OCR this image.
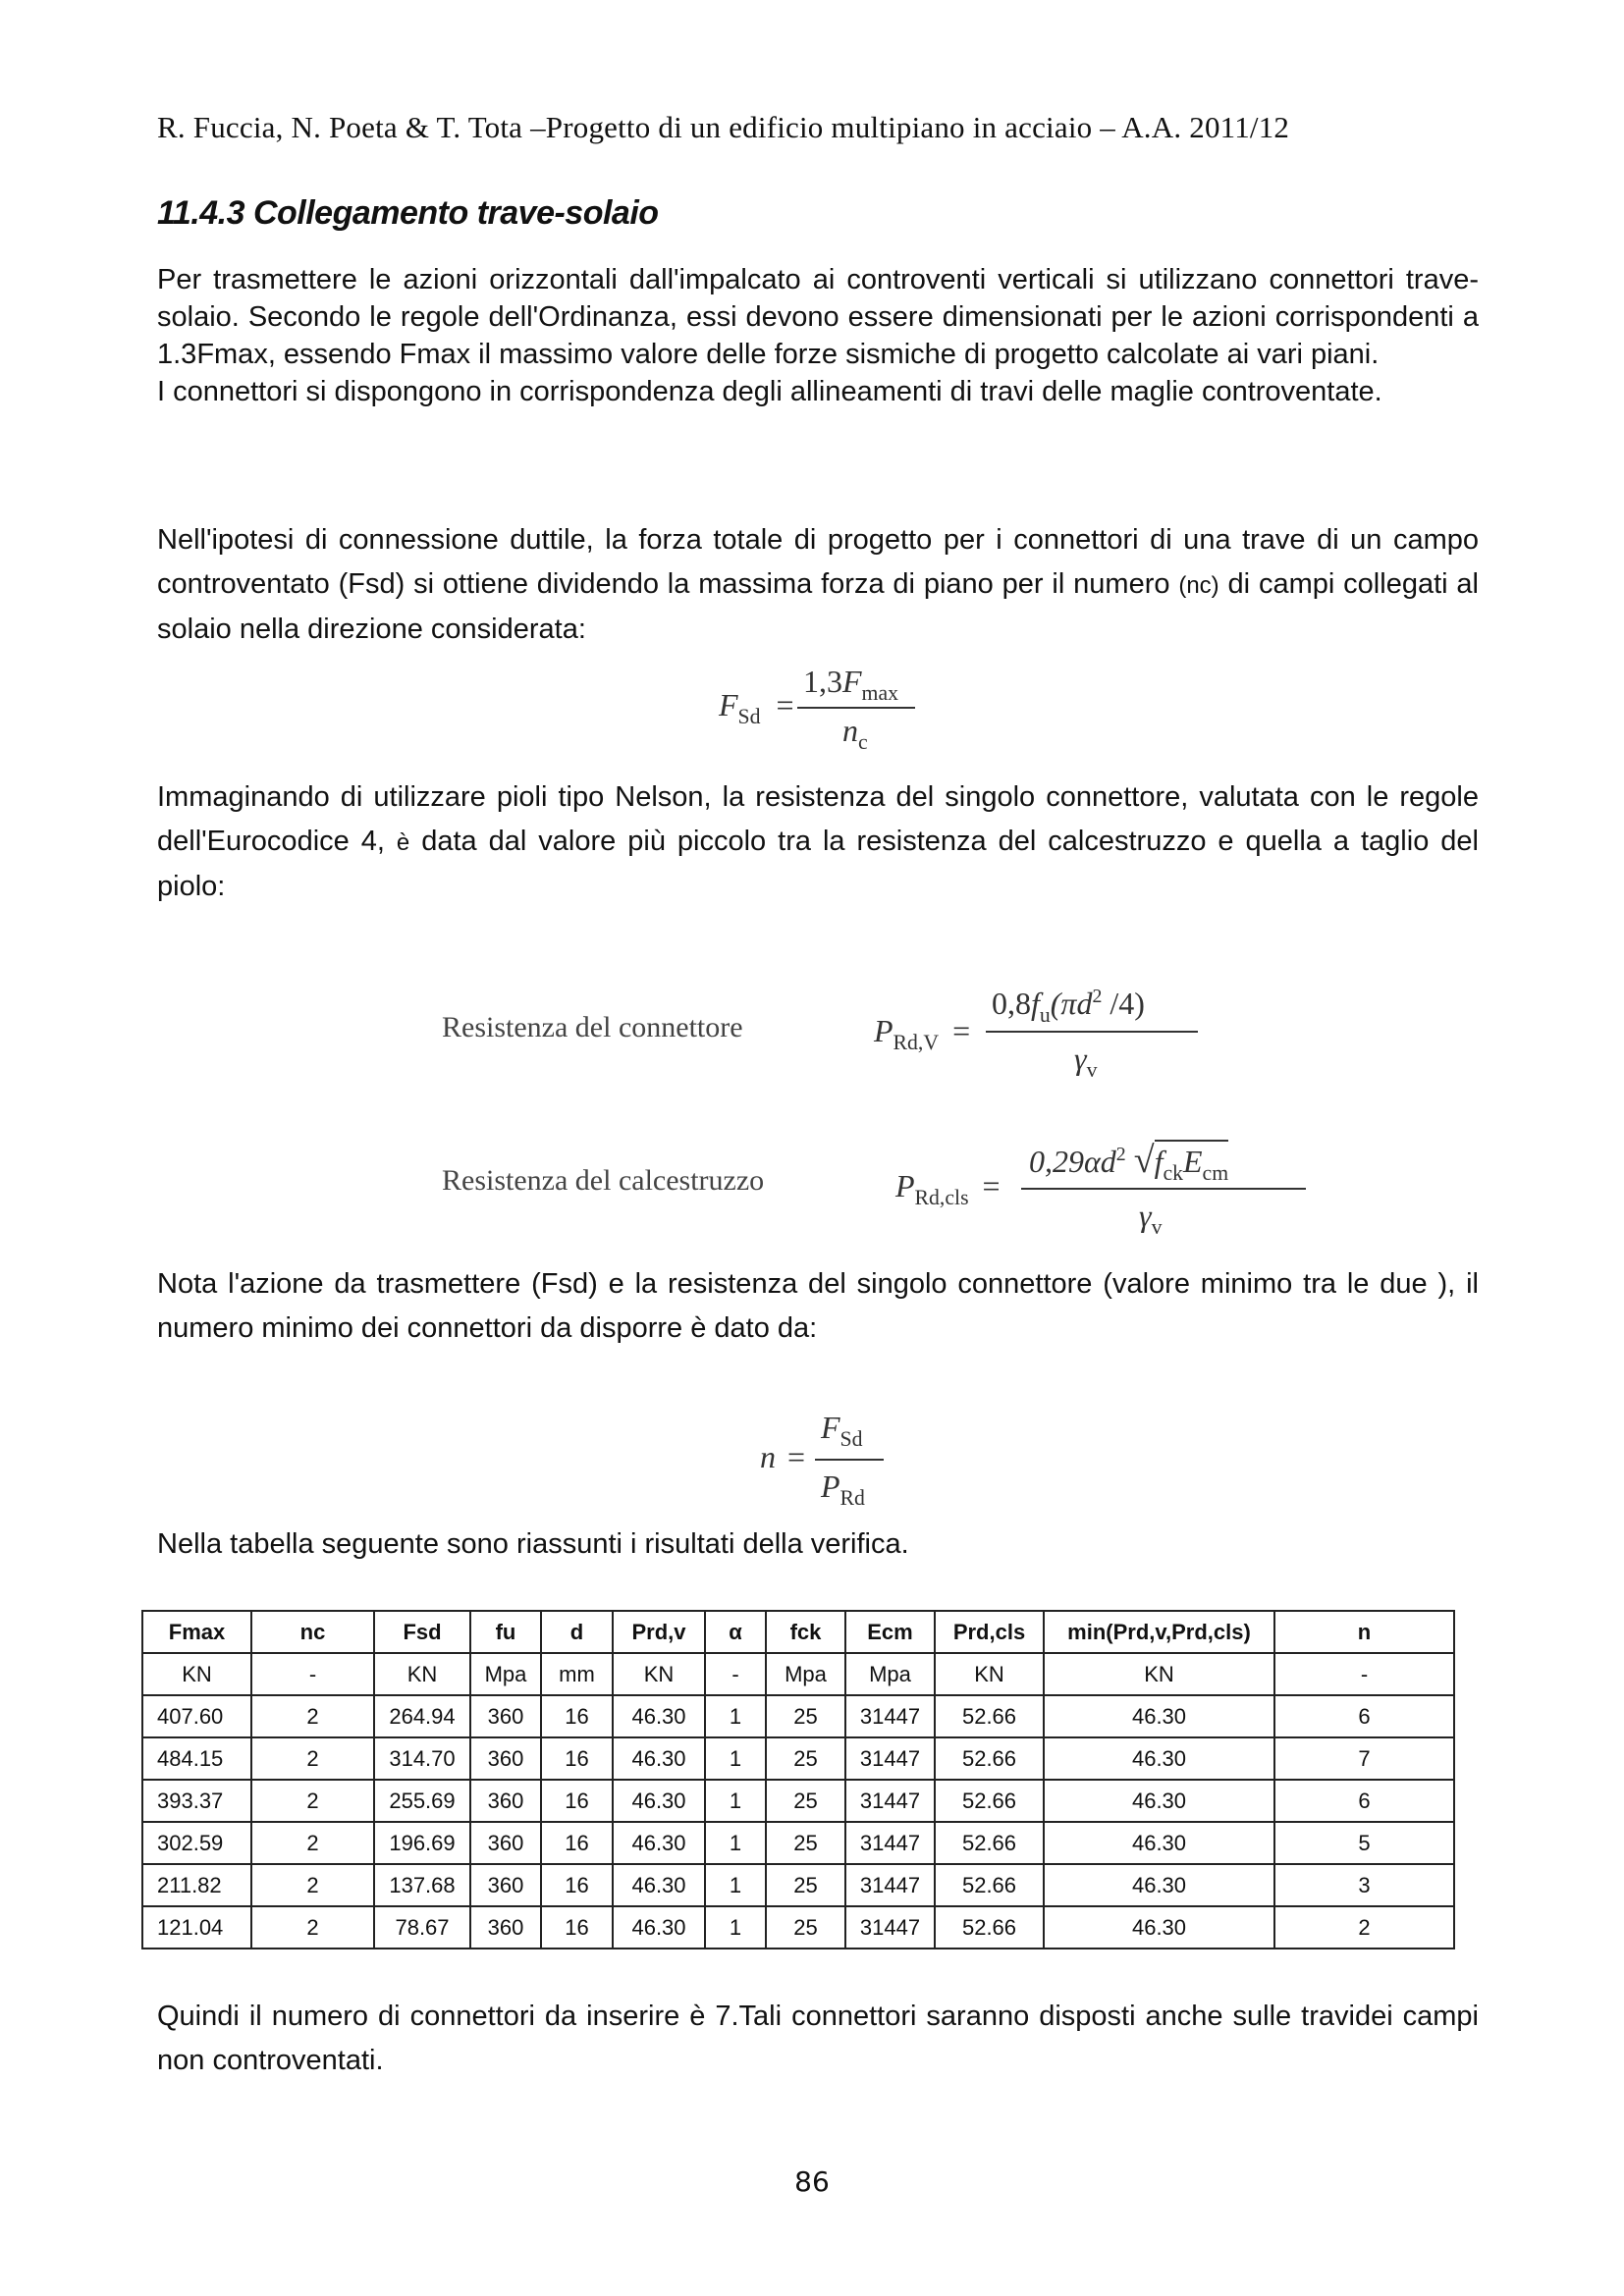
R. Fuccia, N. Poeta & T. Tota –Progetto di un edificio multipiano in acciaio – A.A. 2011/12
11.4.3 Collegamento trave-solaio
Per trasmettere le azioni orizzontali dall'impalcato ai controventi verticali si utilizzano connettori trave-solaio. Secondo le regole dell'Ordinanza, essi devono essere dimensionati per le azioni corrispondenti a 1.3Fmax, essendo Fmax il massimo valore delle forze sismiche di progetto calcolate ai vari piani.
I connettori si dispongono in corrispondenza degli allineamenti di travi delle maglie controventate.
Nell'ipotesi di connessione duttile, la forza totale di progetto per i connettori di una trave di un campo controventato (Fsd) si ottiene dividendo la massima forza di piano per il numero (nc) di campi collegati al solaio nella direzione considerata:
$F_{Sd}$ =
$1,3F_{max}$
$n_c$
Immaginando di utilizzare pioli tipo Nelson, la resistenza del singolo connettore, valutata con le regole dell'Eurocodice 4, è data dal valore più piccolo tra la resistenza del calcestruzzo e quella a taglio del piolo:
Resistenza del connettore	$P_{Rd,V}$ =
$0,8f_u(\pi d^2$ /4)
$\gamma_v$
Resistenza del calcestruzzo	$P_{Rd,cls}$ =
$0,29\alpha d^2$ $√f_{ck}E_{cm}$
$\gamma_v$
Nota l'azione da trasmettere (Fsd) e la resistenza del singolo connettore (valore minimo tra le due ), il numero minimo dei connettori da disporre è dato da:
n =
$F_{Sd}$
$P_{Rd}$
Nella tabella seguente sono riassunti i risultati della verifica.
Fmax	nc	Fsd	fu	d	Prd,v	α	fck	Ecm	Prd,cls	min(Prd,v,Prd,cls)	n
KN	-	KN	Mpa	mm	KN	-	Mpa	Mpa	KN	KN	-
407.60	2	264.94	360	16	46.30	1	25	31447	52.66	46.30	6
484.15	2	314.70	360	16	46.30	1	25	31447	52.66	46.30	7
393.37	2	255.69	360	16	46.30	1	25	31447	52.66	46.30	6
302.59	2	196.69	360	16	46.30	1	25	31447	52.66	46.30	5
211.82	2	137.68	360	16	46.30	1	25	31447	52.66	46.30	3
121.04	2	78.67	360	16	46.30	1	25	31447	52.66	46.30	2
Quindi il numero di connettori da inserire è 7.Tali connettori saranno disposti anche sulle travidei campi non controventati.
86
